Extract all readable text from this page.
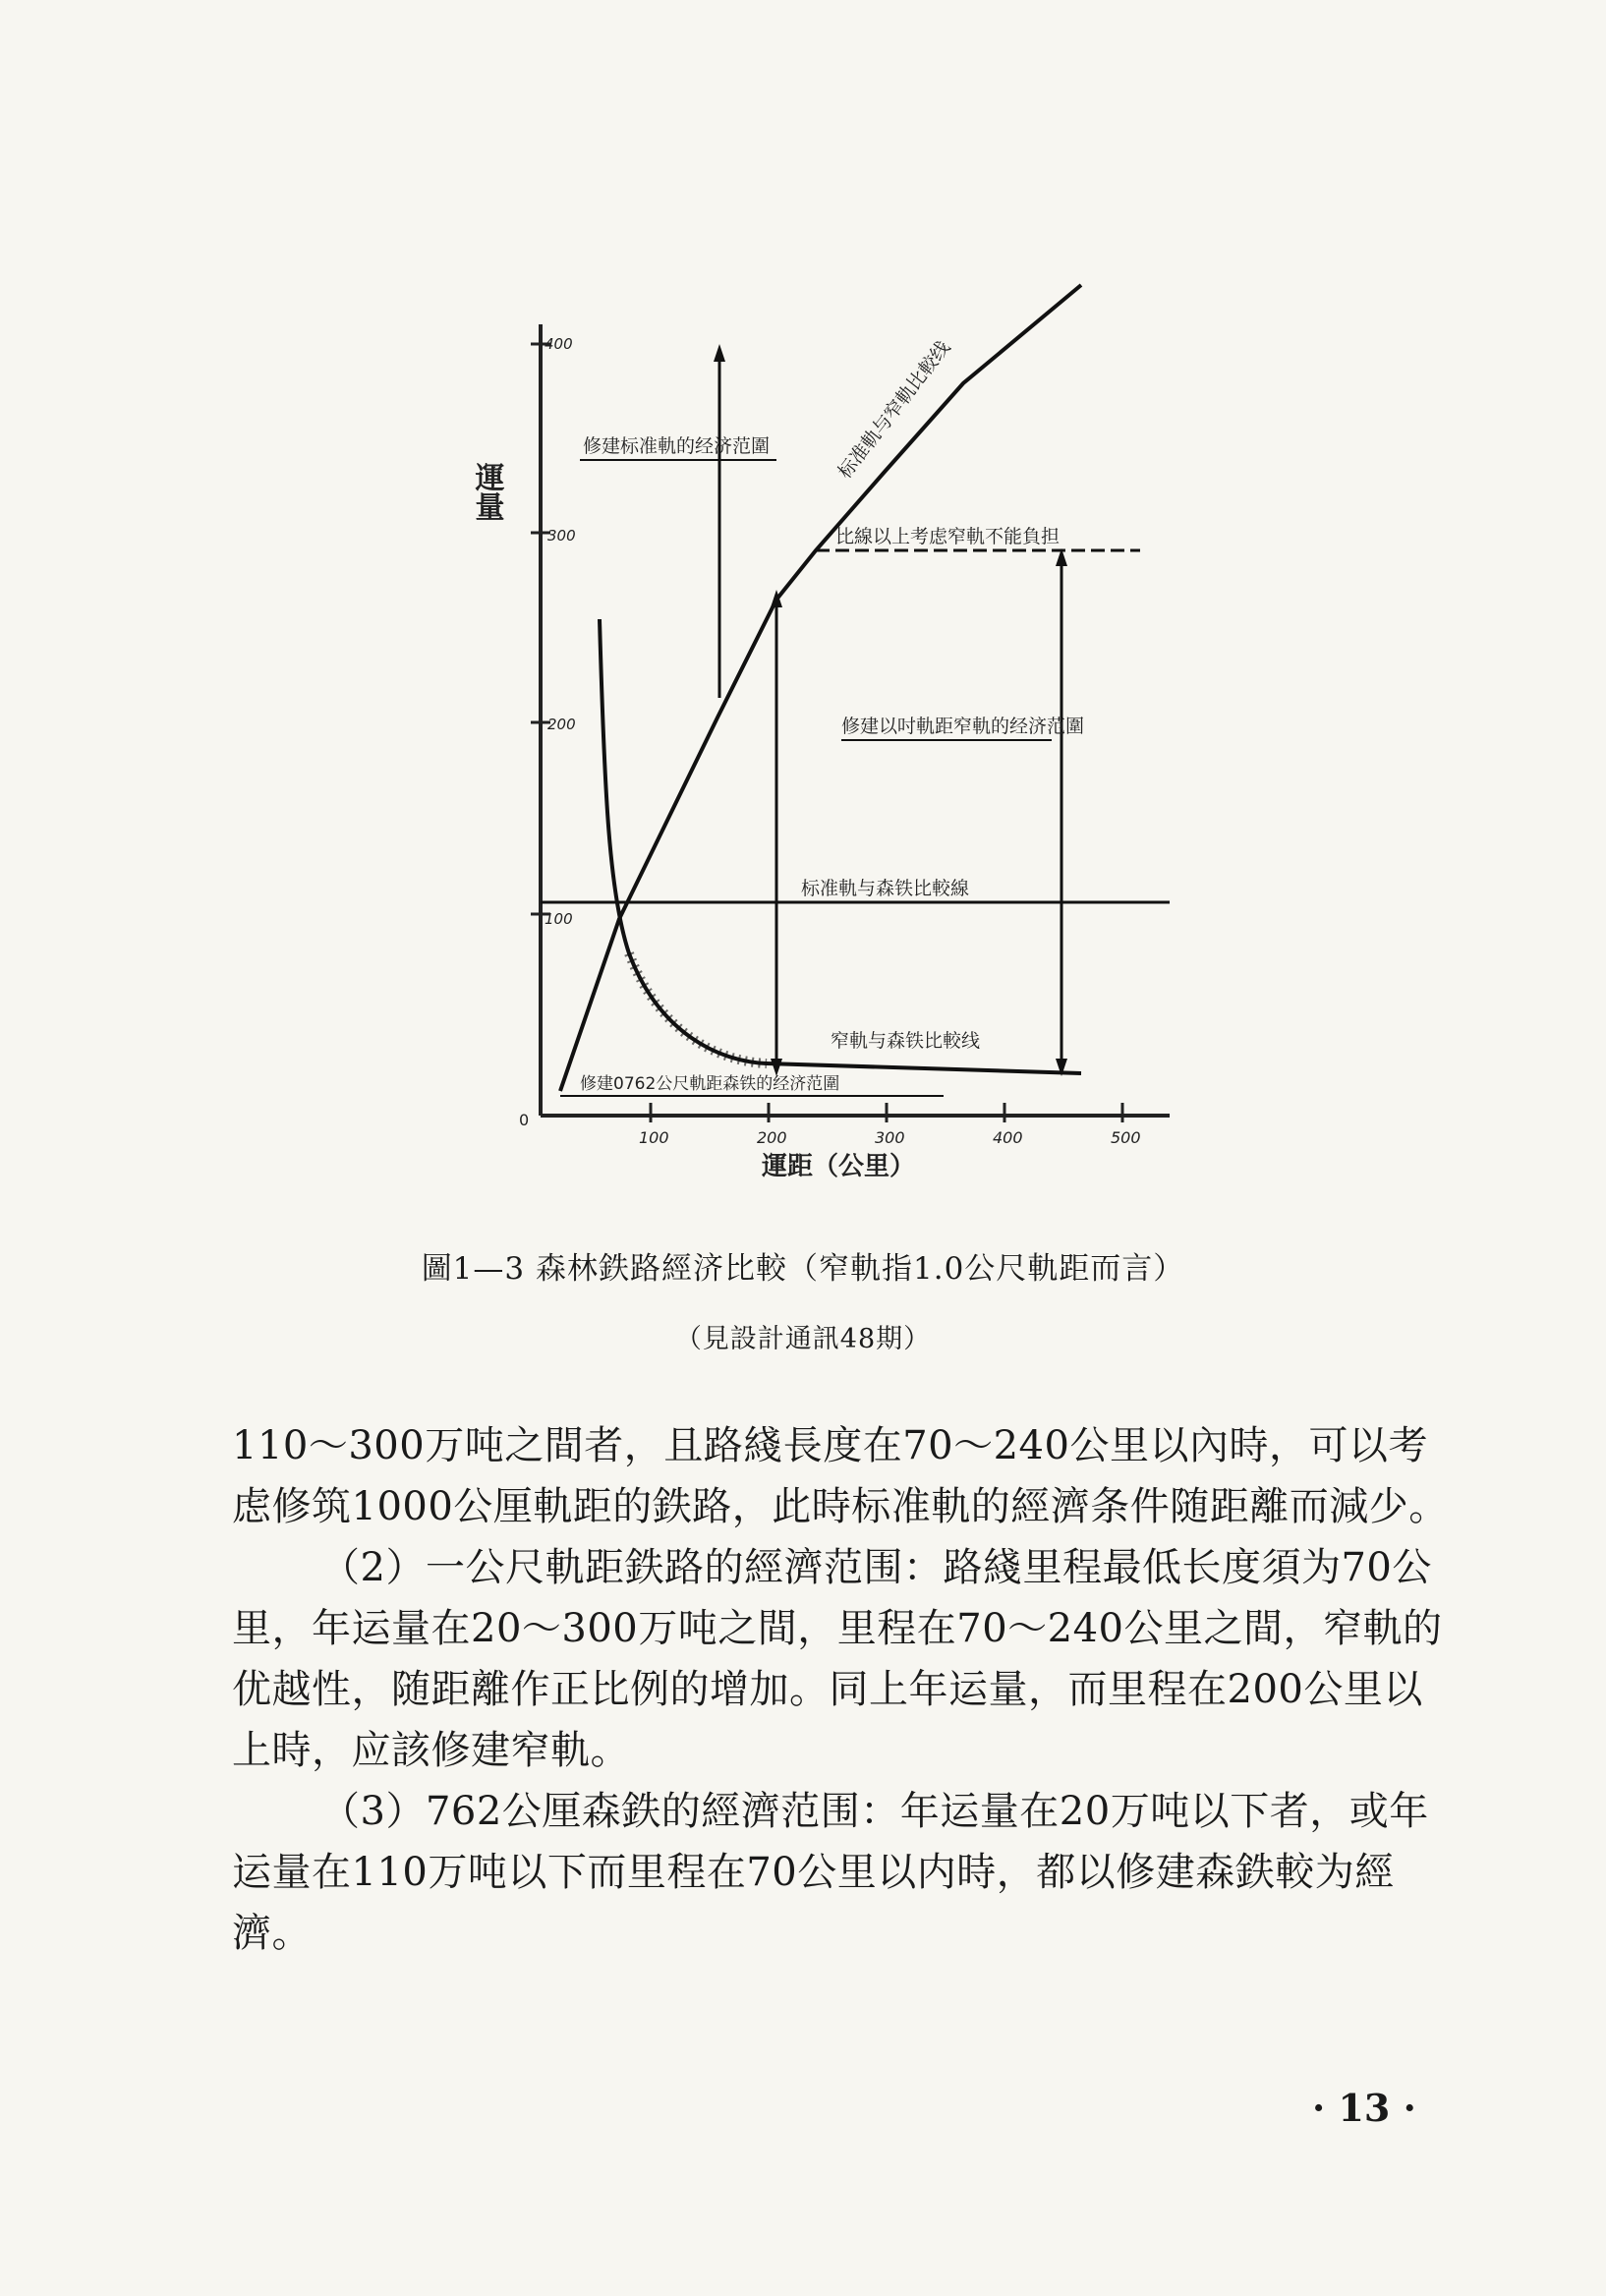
400
300
200
100
0
100	200	300	400	500
運量
運距（公里）
修建标准軌的经济范圍	标准軌与窄軌比較线
比線以上考虑窄軌不能負担
修建以吋軌距窄軌的经济范圍
标准軌与森铁比較線
窄軌与森铁比較线
修建0762公尺軌距森铁的经济范圍
圖1—3 森林鉄路經济比較（窄軌指1.0公尺軌距而言）
（見設計通訊48期）

110～300万吨之間者，且路綫長度在70～240公里以內時，可以考虑修筑1000公厘軌距的鉄路，此時标准軌的經濟条件随距離而減少。

（2）一公尺軌距鉄路的經濟范围：路綫里程最低长度須为70公里，年运量在20～300万吨之間，里程在70～240公里之間，窄軌的优越性，随距離作正比例的增加。同上年运量，而里程在200公里以上時，应該修建窄軌。

（3）762公厘森鉄的經濟范围：年运量在20万吨以下者，或年运量在110万吨以下而里程在70公里以内時，都以修建森鉄較为經濟。

· 13 ·
